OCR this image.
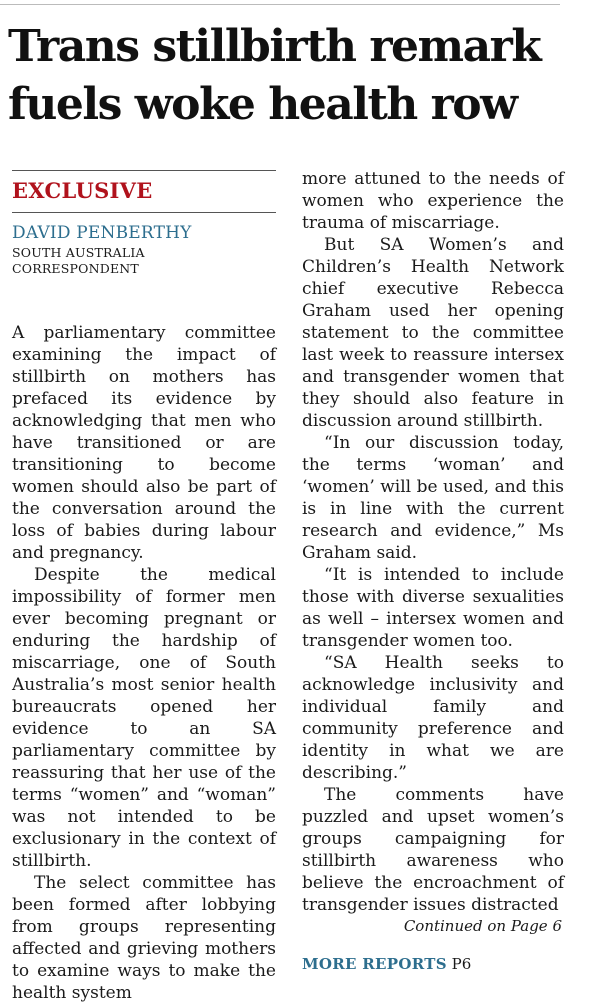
Trans stillbirth remark
fuels woke health row
EXCLUSIVE
DAVID PENBERTHY
SOUTH AUSTRALIA
CORRESPONDENT

A parliamentary committee examining the impact of stillbirth on mothers has prefaced its evidence by acknowledging that men who have transitioned or are transitioning to become women should also be part of the conversation around the loss of babies during labour and pregnancy.

Despite the medical impossibility of former men ever becoming pregnant or enduring the hardship of miscarriage, one of South Australia’s most senior health bureaucrats opened her evidence to an SA parliamentary committee by reassuring that her use of the terms “women” and “woman” was not intended to be exclusionary in the context of stillbirth.

The select committee has been formed after lobbying from groups representing affected and grieving mothers to examine ways to make the health system

more attuned to the needs of women who experience the trauma of miscarriage.

But SA Women’s and Children’s Health Network chief executive Rebecca Graham used her opening statement to the committee last week to reassure intersex and transgender women that they should also feature in discussion around stillbirth.

“In our discussion today, the terms ‘woman’ and ‘women’ will be used, and this is in line with the current research and evidence,” Ms Graham said.

“It is intended to include those with diverse sexualities as well – intersex women and transgender women too.

“SA Health seeks to acknowledge inclusivity and individual family and community preference and identity in what we are describing.”

The comments have puzzled and upset women’s groups campaigning for stillbirth awareness who believe the encroachment of transgender issues distracted

Continued on Page 6
MORE REPORTS P6
